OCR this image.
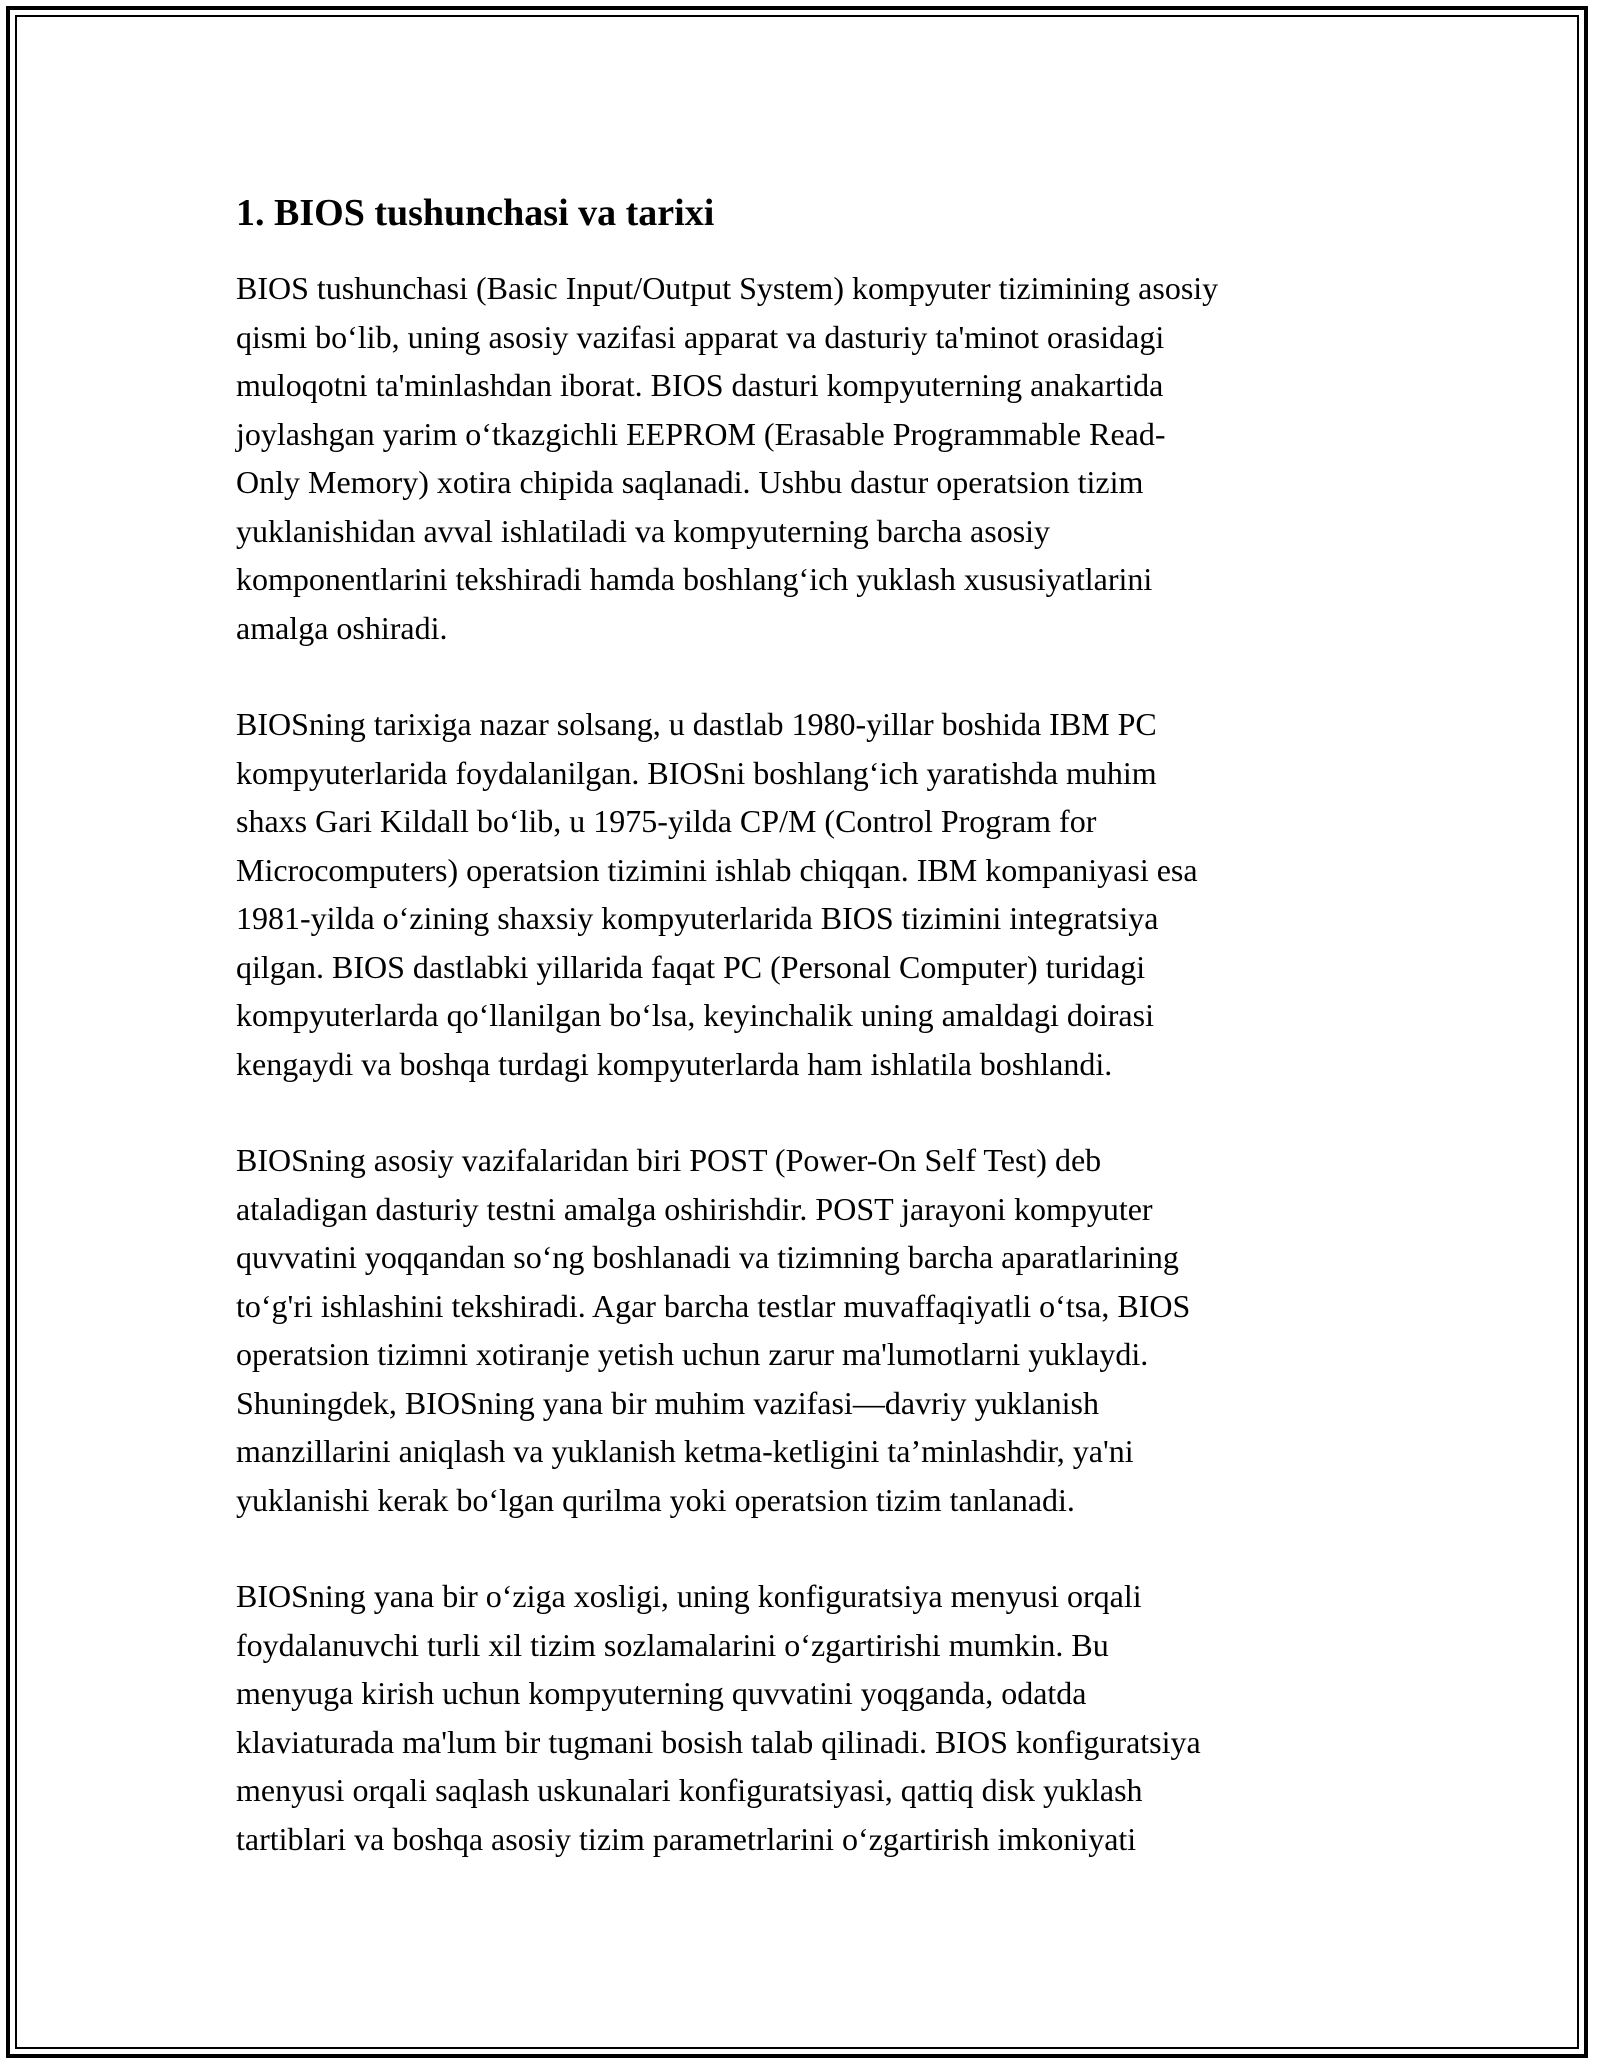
1. BIOS tushunchasi va tarixi

BIOS tushunchasi (Basic Input/Output System) kompyuter tizimining asosiy
qismi bo‘lib, uning asosiy vazifasi apparat va dasturiy ta'minot orasidagi
muloqotni ta'minlashdan iborat. BIOS dasturi kompyuterning anakartida
joylashgan yarim o‘tkazgichli EEPROM (Erasable Programmable Read-
Only Memory) xotira chipida saqlanadi. Ushbu dastur operatsion tizim
yuklanishidan avval ishlatiladi va kompyuterning barcha asosiy
komponentlarini tekshiradi hamda boshlang‘ich yuklash xususiyatlarini
amalga oshiradi.

BIOSning tarixiga nazar solsang, u dastlab 1980-yillar boshida IBM PC
kompyuterlarida foydalanilgan. BIOSni boshlang‘ich yaratishda muhim
shaxs Gari Kildall bo‘lib, u 1975-yilda CP/M (Control Program for
Microcomputers) operatsion tizimini ishlab chiqqan. IBM kompaniyasi esa
1981-yilda o‘zining shaxsiy kompyuterlarida BIOS tizimini integratsiya
qilgan. BIOS dastlabki yillarida faqat PC (Personal Computer) turidagi
kompyuterlarda qo‘llanilgan bo‘lsa, keyinchalik uning amaldagi doirasi
kengaydi va boshqa turdagi kompyuterlarda ham ishlatila boshlandi.

BIOSning asosiy vazifalaridan biri POST (Power-On Self Test) deb
ataladigan dasturiy testni amalga oshirishdir. POST jarayoni kompyuter
quvvatini yoqqandan so‘ng boshlanadi va tizimning barcha aparatlarining
to‘g'ri ishlashini tekshiradi. Agar barcha testlar muvaffaqiyatli o‘tsa, BIOS
operatsion tizimni xotiranje yetish uchun zarur ma'lumotlarni yuklaydi.
Shuningdek, BIOSning yana bir muhim vazifasi—davriy yuklanish
manzillarini aniqlash va yuklanish ketma-ketligini ta’minlashdir, ya'ni
yuklanishi kerak bo‘lgan qurilma yoki operatsion tizim tanlanadi.

BIOSning yana bir o‘ziga xosligi, uning konfiguratsiya menyusi orqali
foydalanuvchi turli xil tizim sozlamalarini o‘zgartirishi mumkin. Bu
menyuga kirish uchun kompyuterning quvvatini yoqganda, odatda
klaviaturada ma'lum bir tugmani bosish talab qilinadi. BIOS konfiguratsiya
menyusi orqali saqlash uskunalari konfiguratsiyasi, qattiq disk yuklash
tartiblari va boshqa asosiy tizim parametrlarini o‘zgartirish imkoniyati
